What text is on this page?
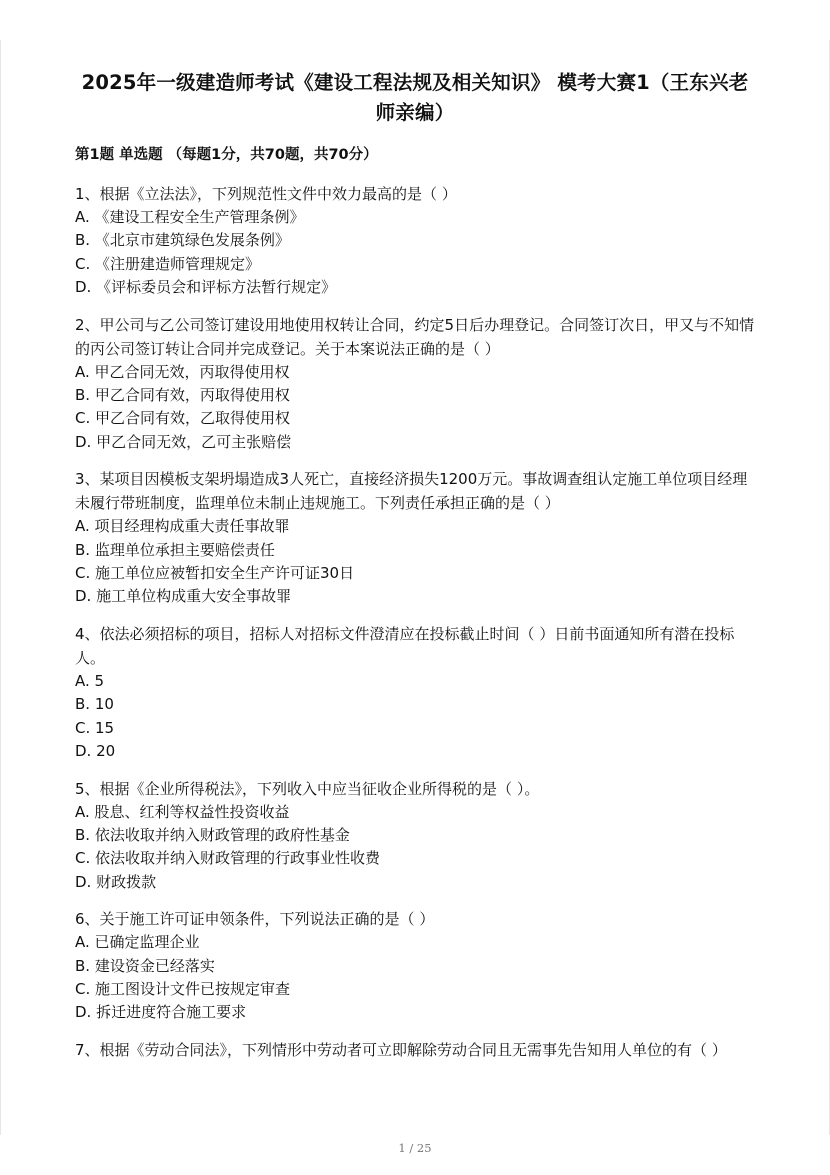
2025年一级建造师考试《建设工程法规及相关知识》 模考大赛1（王东兴老师亲编）
第1题 单选题 （每题1分，共70题，共70分）

1、根据《立法法》，下列规范性文件中效力最高的是（ ）

A. 《建设工程安全生产管理条例》

B. 《北京市建筑绿色发展条例》

C. 《注册建造师管理规定》

D. 《评标委员会和评标方法暂行规定》

2、甲公司与乙公司签订建设用地使用权转让合同，约定5日后办理登记。合同签订次日，甲又与不知情的丙公司签订转让合同并完成登记。关于本案说法正确的是（ ）

A. 甲乙合同无效，丙取得使用权

B. 甲乙合同有效，丙取得使用权

C. 甲乙合同有效，乙取得使用权

D. 甲乙合同无效，乙可主张赔偿

3、某项目因模板支架坍塌造成3人死亡，直接经济损失1200万元。事故调查组认定施工单位项目经理未履行带班制度，监理单位未制止违规施工。下列责任承担正确的是（ ）

A. 项目经理构成重大责任事故罪

B. 监理单位承担主要赔偿责任

C. 施工单位应被暂扣安全生产许可证30日

D. 施工单位构成重大安全事故罪

4、依法必须招标的项目，招标人对招标文件澄清应在投标截止时间（ ）日前书面通知所有潜在投标人。

A. 5

B. 10

C. 15

D. 20

5、根据《企业所得税法》，下列收入中应当征收企业所得税的是（ ）。

A. 股息、红利等权益性投资收益

B. 依法收取并纳入财政管理的政府性基金

C. 依法收取并纳入财政管理的行政事业性收费

D. 财政拨款

6、关于施工许可证申领条件，下列说法正确的是（ ）

A. 已确定监理企业

B. 建设资金已经落实

C. 施工图设计文件已按规定审查

D. 拆迁进度符合施工要求

7、根据《劳动合同法》，下列情形中劳动者可立即解除劳动合同且无需事先告知用人单位的有（ ）

1 / 25
